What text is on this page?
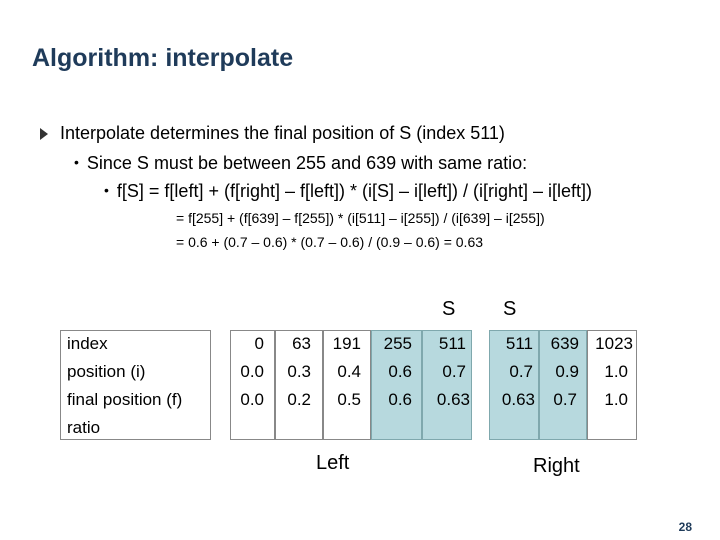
Algorithm: interpolate
Interpolate determines the final position of S (index 511)
• Since S must be between 255 and 639 with same ratio:
• f[S] = f[left] + (f[right] – f[left]) * (i[S] – i[left]) / (i[right] – i[left])
= f[255] + (f[639] – f[255]) * (i[511] – i[255]) / (i[639] – i[255])
= 0.6 + (0.7 – 0.6) * (0.7 – 0.6) / (0.9 – 0.6) = 0.63
S S
index
position (i)
final position (f)
ratio
0
0.0
0.0
63
0.3
0.2
191
0.4
0.5
255
0.6
0.6
511
0.7
0.63
511
0.7
0.63
639
0.9
0.7
1023
1.0
1.0
Left	Right
28
